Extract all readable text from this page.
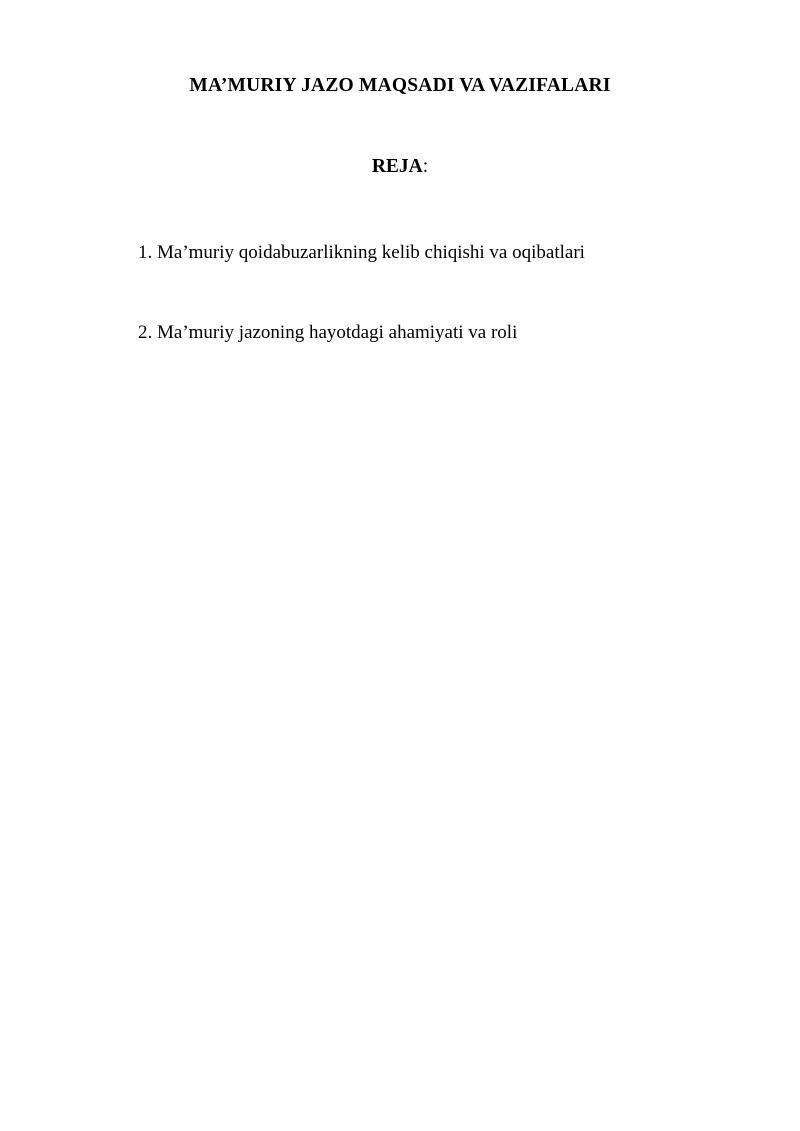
MA’MURIY JAZO MAQSADI VA VAZIFALARI

REJA:

1. Ma’muriy qoidabuzarlikning kelib chiqishi va oqibatlari
2. Ma’muriy jazoning hayotdagi ahamiyati va roli
